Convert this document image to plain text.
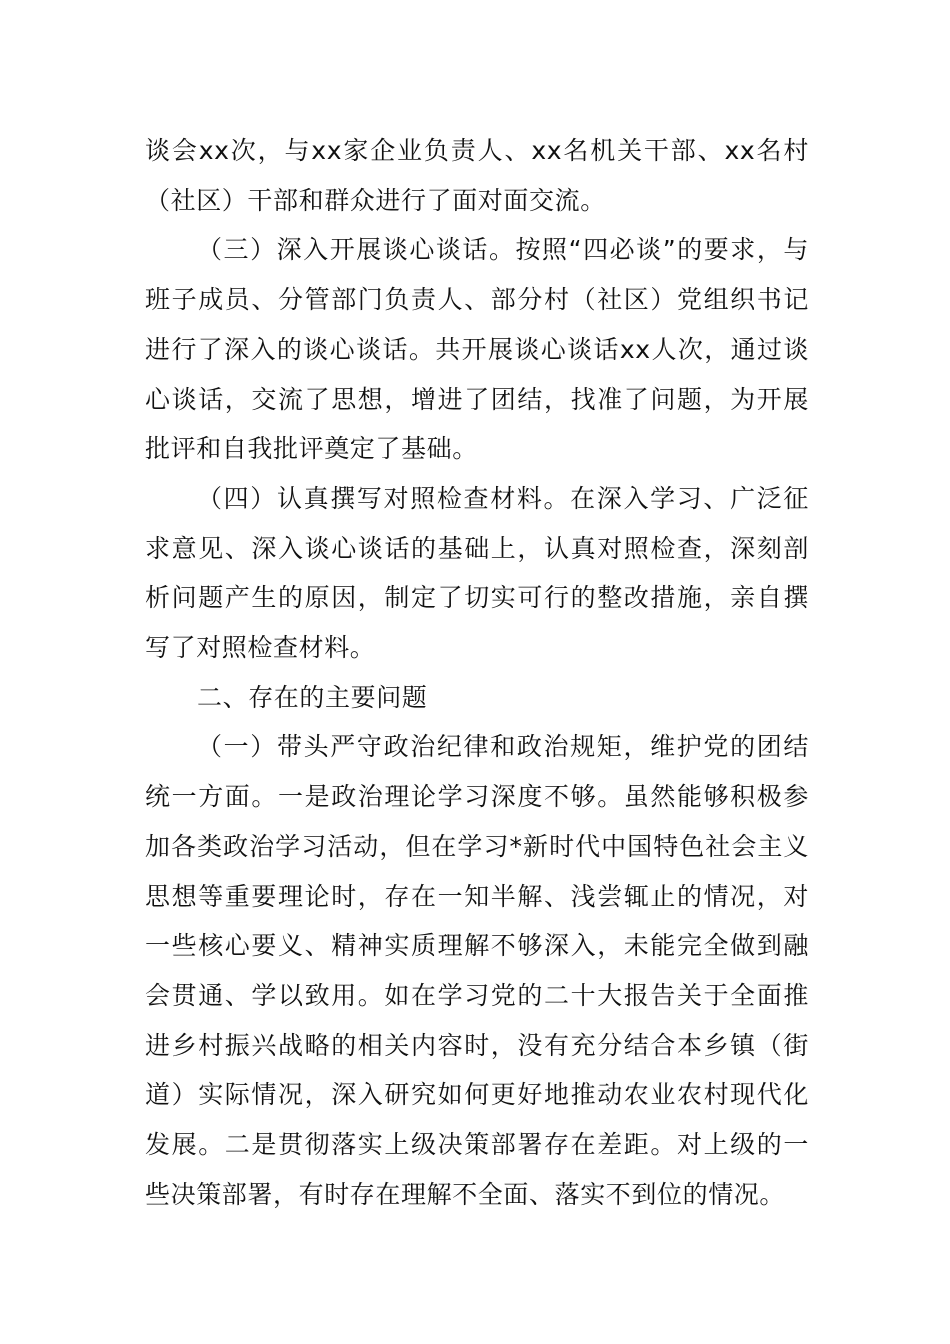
谈会xx次，与xx家企业负责人、xx名机关干部、xx名村（社区）干部和群众进行了面对面交流。

（三）深入开展谈心谈话。按照“四必谈”的要求，与班子成员、分管部门负责人、部分村（社区）党组织书记进行了深入的谈心谈话。共开展谈心谈话xx人次，通过谈心谈话，交流了思想，增进了团结，找准了问题，为开展批评和自我批评奠定了基础。

（四）认真撰写对照检查材料。在深入学习、广泛征求意见、深入谈心谈话的基础上，认真对照检查，深刻剖析问题产生的原因，制定了切实可行的整改措施，亲自撰写了对照检查材料。

二、存在的主要问题

（一）带头严守政治纪律和政治规矩，维护党的团结统一方面。一是政治理论学习深度不够。虽然能够积极参加各类政治学习活动，但在学习*新时代中国特色社会主义思想等重要理论时，存在一知半解、浅尝辄止的情况，对一些核心要义、精神实质理解不够深入，未能完全做到融会贯通、学以致用。如在学习党的二十大报告关于全面推进乡村振兴战略的相关内容时，没有充分结合本乡镇（街道）实际情况，深入研究如何更好地推动农业农村现代化发展。二是贯彻落实上级决策部署存在差距。对上级的一些决策部署，有时存在理解不全面、落实不到位的情况。
